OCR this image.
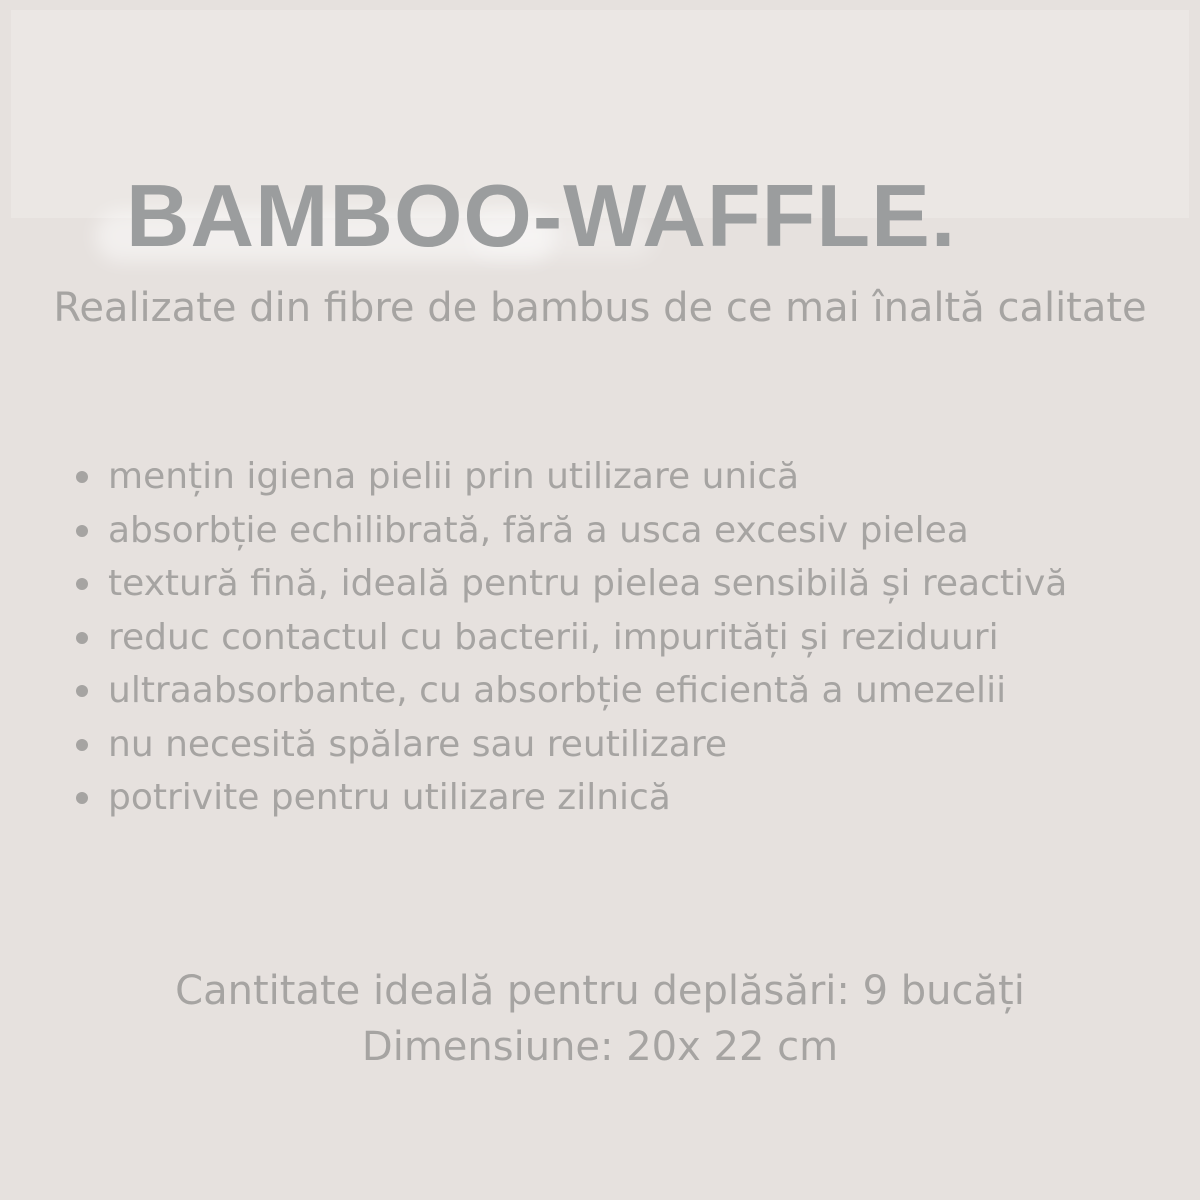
BAMBOO-WAFFLE.
Realizate din fibre de bambus de ce mai înaltă calitate
mențin igiena pielii prin utilizare unică
absorbție echilibrată, fără a usca excesiv pielea
textură fină, ideală pentru pielea sensibilă și reactivă
reduc contactul cu bacterii, impurități și reziduuri
ultraabsorbante, cu absorbție eficientă a umezelii
nu necesită spălare sau reutilizare
potrivite pentru utilizare zilnică
Cantitate ideală pentru deplăsări: 9 bucăți
Dimensiune: 20x 22 cm
